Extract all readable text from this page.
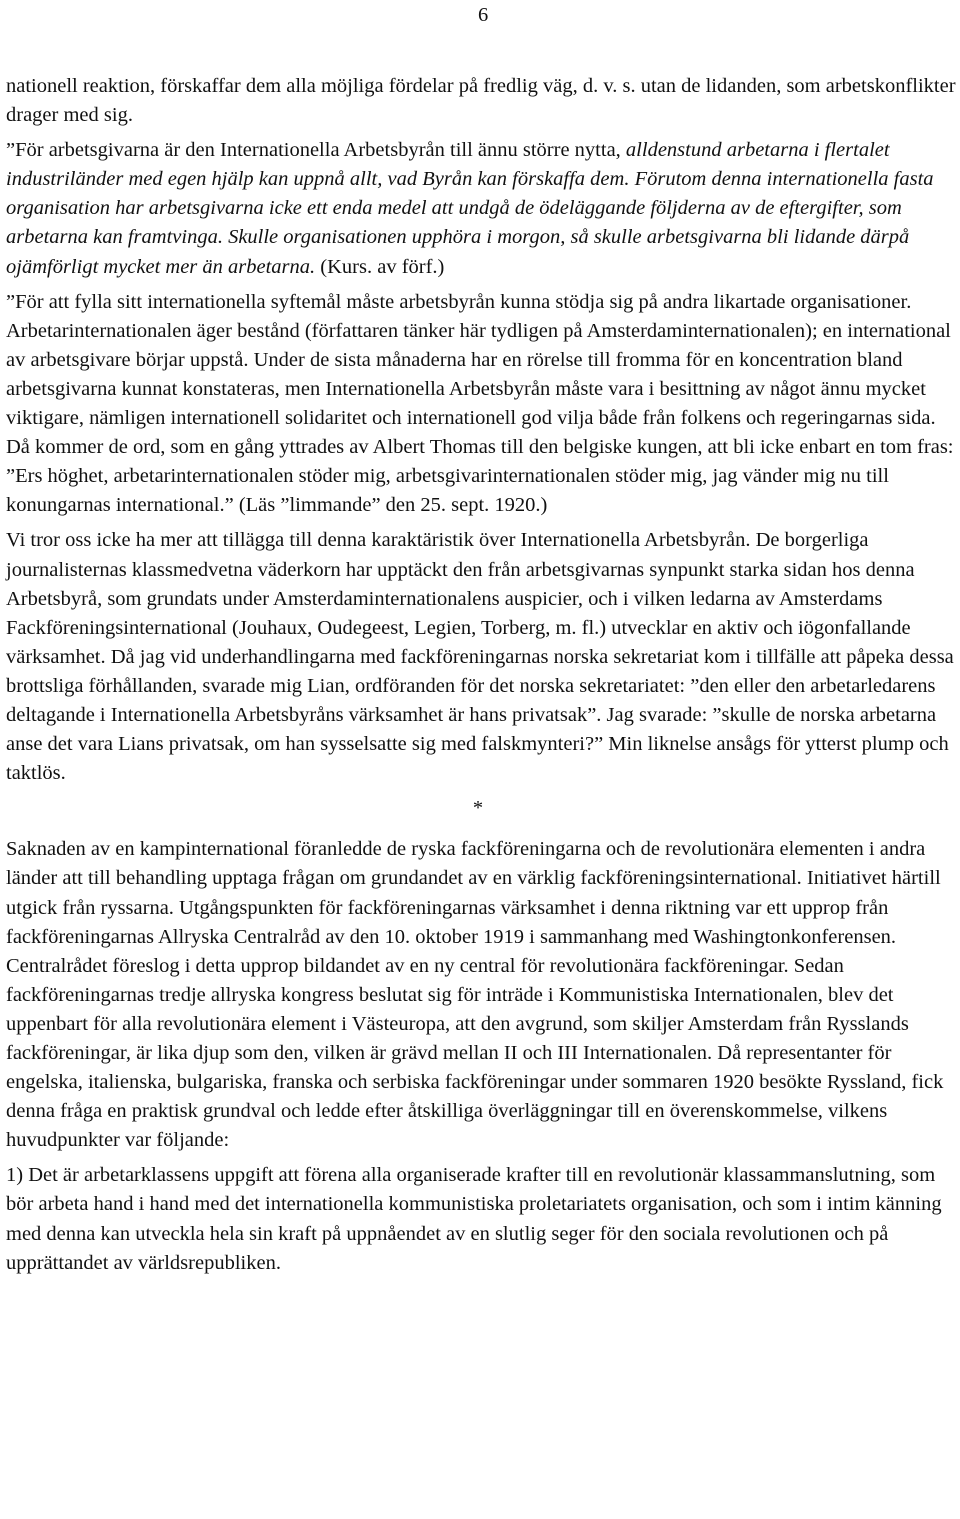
6

nationell reaktion, förskaffar dem alla möjliga fördelar på fredlig väg, d. v. s. utan de lidanden, som arbetskonflikter drager med sig.

”För arbetsgivarna är den Internationella Arbetsbyrån till ännu större nytta, alldenstund arbetarna i flertalet industriländer med egen hjälp kan uppnå allt, vad Byrån kan förskaffa dem. Förutom denna internationella fasta organisation har arbetsgivarna icke ett enda medel att undgå de ödeläggande följderna av de eftergifter, som arbetarna kan framtvinga. Skulle organisationen upphöra i morgon, så skulle arbetsgivarna bli lidande därpå ojämförligt mycket mer än arbetarna. (Kurs. av förf.)

”För att fylla sitt internationella syftemål måste arbetsbyrån kunna stödja sig på andra likartade organisationer. Arbetarinternationalen äger bestånd (författaren tänker här tydligen på Amsterdaminternationalen); en international av arbetsgivare börjar uppstå. Under de sista månaderna har en rörelse till fromma för en koncentration bland arbetsgivarna kunnat konstateras, men Internationella Arbetsbyrån måste vara i besittning av något ännu mycket viktigare, nämligen internationell solidaritet och internationell god vilja både från folkens och regeringarnas sida. Då kommer de ord, som en gång yttrades av Albert Thomas till den belgiske kungen, att bli icke enbart en tom fras: ”Ers höghet, arbetarinternationalen stöder mig, arbetsgivarinternationalen stöder mig, jag vänder mig nu till konungarnas international.” (Läs ”limmande” den 25. sept. 1920.)

Vi tror oss icke ha mer att tillägga till denna karaktäristik över Internationella Arbetsbyrån. De borgerliga journalisternas klassmedvetna väderkorn har upptäckt den från arbetsgivarnas synpunkt starka sidan hos denna Arbetsbyrå, som grundats under Amsterdaminternationalens auspicier, och i vilken ledarna av Amsterdams Fackföreningsinternational (Jouhaux, Oudegeest, Legien, Torberg, m. fl.) utvecklar en aktiv och iögonfallande värksamhet. Då jag vid underhandlingarna med fackföreningarnas norska sekretariat kom i tillfälle att påpeka dessa brottsliga förhållanden, svarade mig Lian, ordföranden för det norska sekretariatet: ”den eller den arbetarledarens deltagande i Internationella Arbetsbyråns värksamhet är hans privatsak”. Jag svarade: ”skulle de norska arbetarna anse det vara Lians privatsak, om han sysselsatte sig med falskmynteri?” Min liknelse ansågs för ytterst plump och taktlös.

*

Saknaden av en kampinternational föranledde de ryska fackföreningarna och de revolutionära elementen i andra länder att till behandling upptaga frågan om grundandet av en värklig fackföreningsinternational. Initiativet härtill utgick från ryssarna. Utgångspunkten för fackföreningarnas värksamhet i denna riktning var ett upprop från fackföreningarnas Allryska Centralråd av den 10. oktober 1919 i sammanhang med Washingtonkonferensen. Centralrådet föreslog i detta upprop bildandet av en ny central för revolutionära fackföreningar. Sedan fackföreningarnas tredje allryska kongress beslutat sig för inträde i Kommunistiska Internationalen, blev det uppenbart för alla revolutionära element i Västeuropa, att den avgrund, som skiljer Amsterdam från Rysslands fackföreningar, är lika djup som den, vilken är grävd mellan II och III Internationalen. Då representanter för engelska, italienska, bulgariska, franska och serbiska fackföreningar under sommaren 1920 besökte Ryssland, fick denna fråga en praktisk grundval och ledde efter åtskilliga överläggningar till en överenskommelse, vilkens huvudpunkter var följande:

1) Det är arbetarklassens uppgift att förena alla organiserade krafter till en revolutionär klassammanslutning, som bör arbeta hand i hand med det internationella kommunistiska proletariatets organisation, och som i intim känning med denna kan utveckla hela sin kraft på uppnåendet av en slutlig seger för den sociala revolutionen och på upprättandet av världsrepubliken.
